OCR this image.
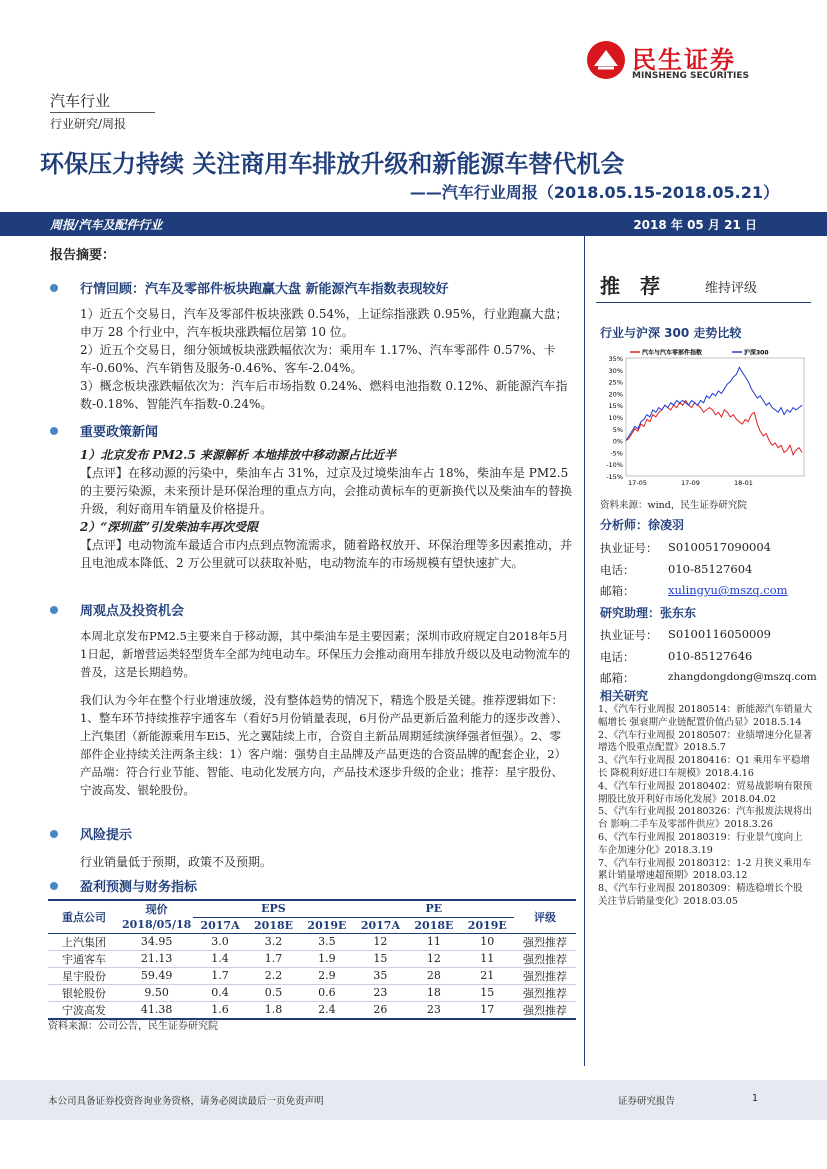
汽车行业
行业研究/周报
民生证券
MINSHENG SECURITIES
环保压力持续 关注商用车排放升级和新能源车替代机会
——汽车行业周报（2018.05.15-2018.05.21）
周报/汽车及配件行业	2018 年 05 月 21 日
报告摘要：
行情回顾：汽车及零部件板块跑赢大盘 新能源汽车指数表现较好
1）近五个交易日，汽车及零部件板块涨跌 0.54%，上证综指涨跌 0.95%，行业跑赢大盘；申万 28 个行业中，汽车板块涨跌幅位居第 10 位。
2）近五个交易日，细分领域板块涨跌幅依次为：乘用车 1.17%、汽车零部件 0.57%、卡车-0.60%、汽车销售及服务-0.46%、客车-2.04%。
3）概念板块涨跌幅依次为：汽车后市场指数 0.24%、燃料电池指数 0.12%、新能源汽车指数-0.18%、智能汽车指数-0.24%。
重要政策新闻
1）北京发布 PM2.5 来源解析 本地排放中移动源占比近半
【点评】在移动源的污染中，柴油车占 31%，过京及过境柴油车占 18%，柴油车是 PM2.5 的主要污染源，未来预计是环保治理的重点方向，会推动黄标车的更新换代以及柴油车的替换升级，利好商用车销量及价格提升。
2）“深圳蓝”引发柴油车再次受限
【点评】电动物流车最适合市内点到点物流需求，随着路权放开、环保治理等多因素推动，并且电池成本降低、2 万公里就可以获取补贴，电动物流车的市场规模有望快速扩大。
周观点及投资机会
本周北京发布PM2.5主要来自于移动源，其中柴油车是主要因素；深圳市政府规定自2018年5月1日起，新增营运类轻型货车全部为纯电动车。环保压力会推动商用车排放升级以及电动物流车的普及，这是长期趋势。
我们认为今年在整个行业增速放缓，没有整体趋势的情况下，精选个股是关键。推荐逻辑如下：1、整车环节持续推荐宇通客车（看好5月份销量表现，6月份产品更新后盈利能力的逐步改善）、上汽集团（新能源乘用车Ei5、光之翼陆续上市，合资自主新品周期延续演绎强者恒强）。2、零部件企业持续关注两条主线：1）客户端：强势自主品牌及产品更迭的合资品牌的配套企业，2）产品端：符合行业节能、智能、电动化发展方向，产品技术逐步升级的企业；推荐：星宇股份、宁波高发、银轮股份。
风险提示
行业销量低于预期，政策不及预期。
盈利预测与财务指标
重点公司	现价	EPS			PE			评级
	2018/05/18	2017A	2018E	2019E	2017A	2018E	2019E	
上汽集团	34.95	3.0	3.2	3.5	12	11	10	强烈推荐
宇通客车	21.13	1.4	1.7	1.9	15	12	11	强烈推荐
星宇股份	59.49	1.7	2.2	2.9	35	28	21	强烈推荐
银轮股份	9.50	0.4	0.5	0.6	23	18	15	强烈推荐
宁波高发	41.38	1.6	1.8	2.4	26	23	17	强烈推荐
资料来源：公司公告，民生证券研究院
推　荐	维持评级
行业与沪深 300 走势比较
35%
30%
25%
20%
15%
10%
5%
0%
-5%
-10%
-15%
17-05	17-09	18-01
汽车与汽车零部件指数	沪深300
资料来源：wind，民生证券研究院
分析师：徐凌羽
执业证号： S0100517090004
电话：	010-85127604
邮箱：	xulingyu@mszq.com
研究助理：张东东
执业证号： S0100116050009
电话：	010-85127646
邮箱：	zhangdongdong@mszq.com
相关研究
1、《汽车行业周报 20180514：新能源汽车销量大幅增长 强衰期产业链配置价值凸显》2018.5.14
2、《汽车行业周报 20180507：业绩增速分化显著 增选个股重点配置》2018.5.7
3、《汽车行业周报 20180416：Q1 乘用车平稳增长 降税利好进口车规模》2018.4.16
4、《汽车行业周报 20180402：贸易战影响有限预期股比放开利好市场化发展》2018.04.02
5、《汽车行业周报 20180326：汽车报废法规将出台 影响二手车及零部件供应》2018.3.26
6、《汽车行业周报 20180319：行业景气度向上 车企加速分化》2018.3.19
7、《汽车行业周报 20180312：1-2 月狭义乘用车累计销量增速超预期》2018.03.12
8、《汽车行业周报 20180309：精选稳增长个股 关注节后销量变化》2018.03.05
本公司具备证券投资咨询业务资格，请务必阅读最后一页免责声明	证券研究报告	1
